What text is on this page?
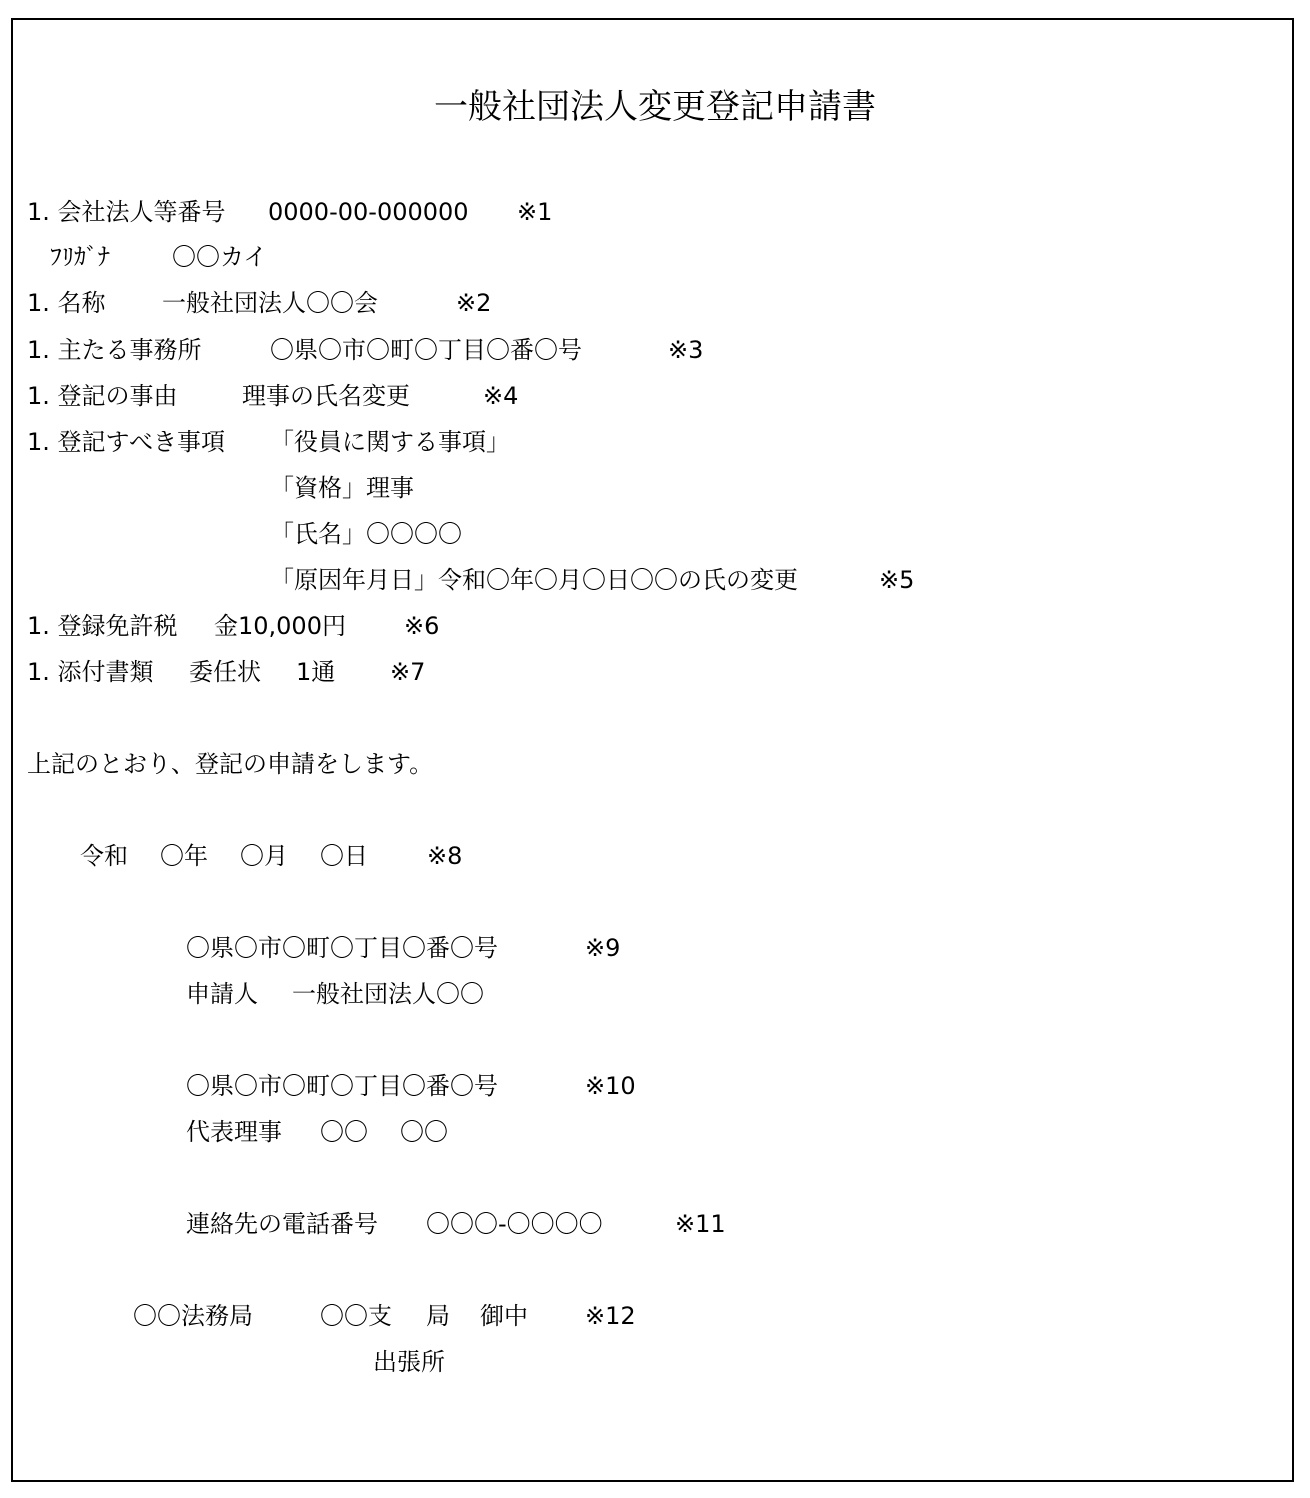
一般社団法人変更登記申請書
1. 会社法人等番号 0000-00-000000 ※1
ﾌﾘｶﾞﾅ	〇〇カイ
1. 名称 一般社団法人〇〇会	※2
1. 主たる事務所	〇県〇市〇町〇丁目〇番〇号	※3
1. 登記の事由	理事の氏名変更	※4
1. 登記すべき事項 「役員に関する事項」
「資格」理事
「氏名」〇〇〇〇
「原因年月日」令和〇年〇月〇日〇〇の氏の変更	※5
1. 登録免許税 金10,000円 ※6
1. 添付書類 委任状 1通 ※7
上記のとおり、登記の申請をします。
令和 〇年 〇月 〇日 ※8
〇県〇市〇町〇丁目〇番〇号	※9
申請人 一般社団法人〇〇
〇県〇市〇町〇丁目〇番〇号	※10
代表理事 〇〇 〇〇
連絡先の電話番号 〇〇〇-〇〇〇〇	※11
〇〇法務局	〇〇支 局 御中 ※12
出張所
